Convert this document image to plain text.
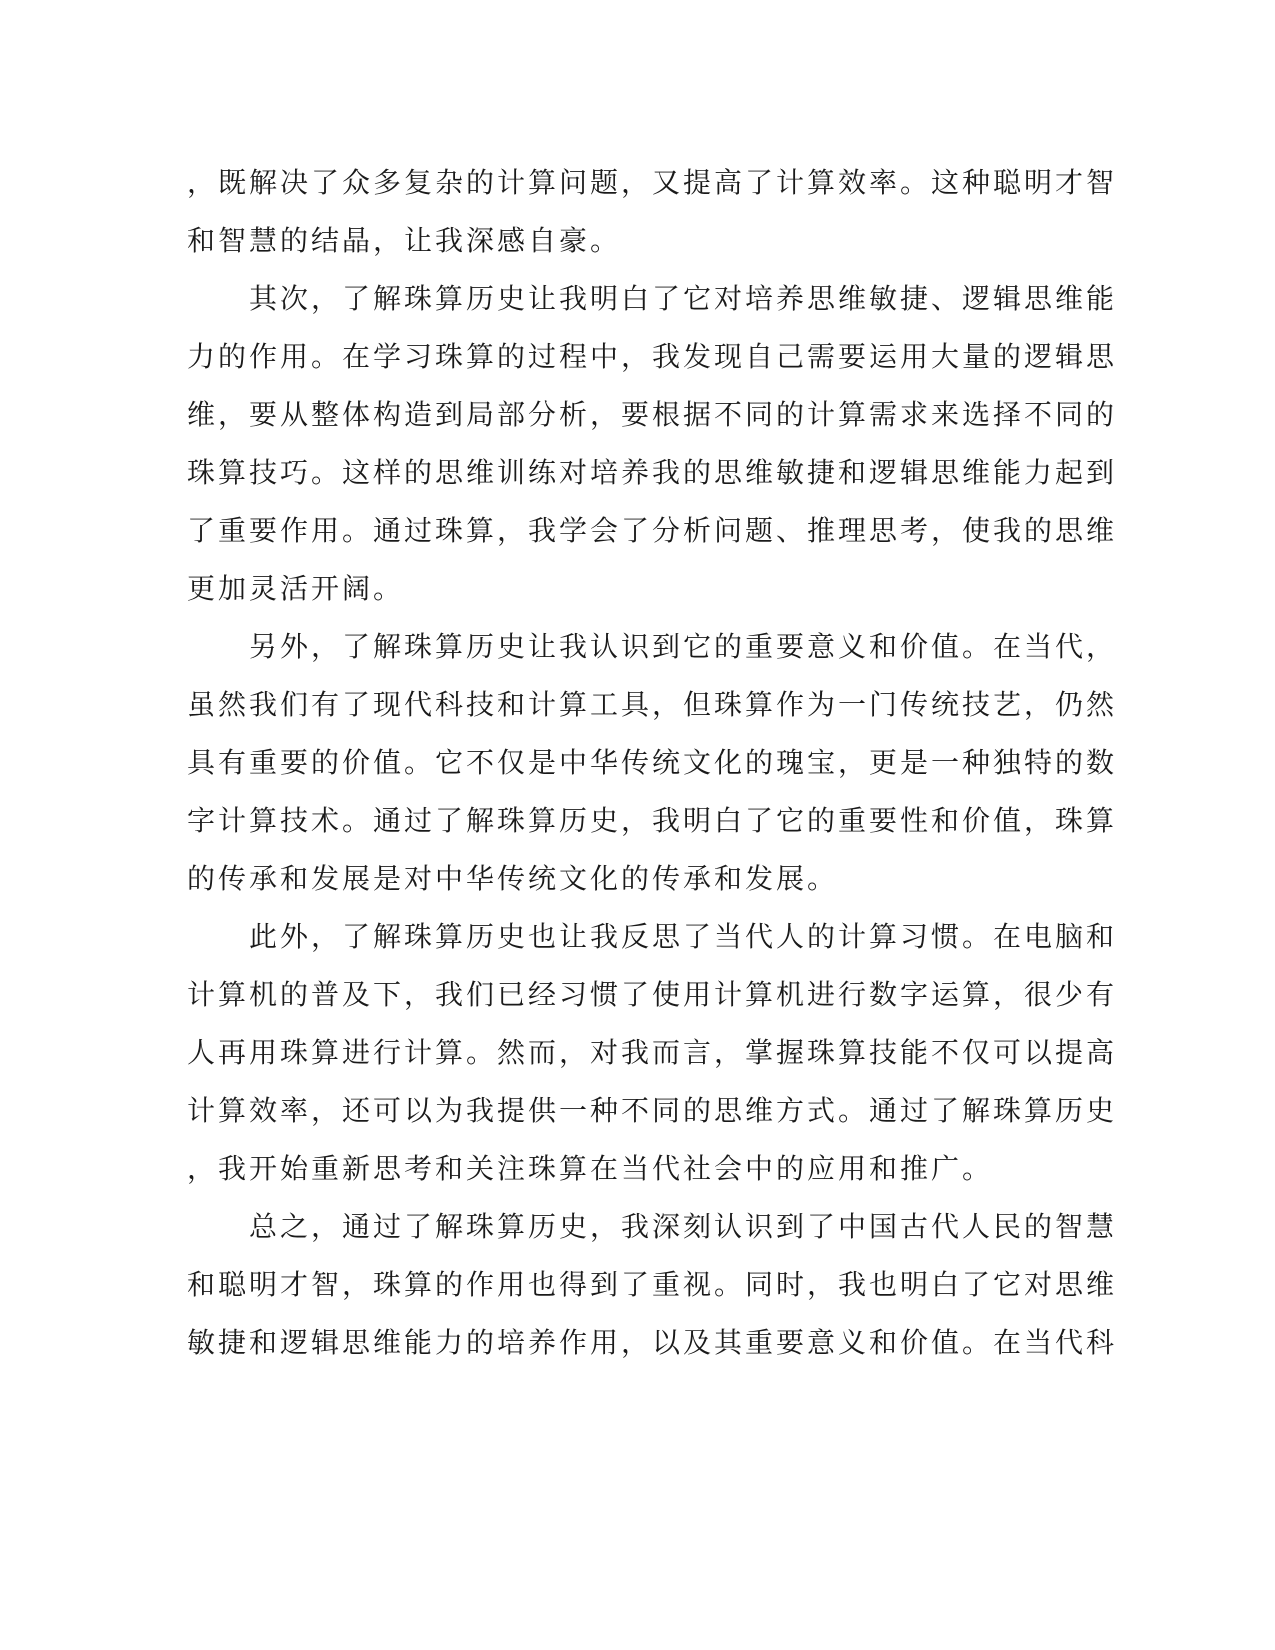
，既解决了众多复杂的计算问题，又提高了计算效率。这种聪明才智
和智慧的结晶，让我深感自豪。
　　其次，了解珠算历史让我明白了它对培养思维敏捷、逻辑思维能
力的作用。在学习珠算的过程中，我发现自己需要运用大量的逻辑思
维，要从整体构造到局部分析，要根据不同的计算需求来选择不同的
珠算技巧。这样的思维训练对培养我的思维敏捷和逻辑思维能力起到
了重要作用。通过珠算，我学会了分析问题、推理思考，使我的思维
更加灵活开阔。
　　另外，了解珠算历史让我认识到它的重要意义和价值。在当代，
虽然我们有了现代科技和计算工具，但珠算作为一门传统技艺，仍然
具有重要的价值。它不仅是中华传统文化的瑰宝，更是一种独特的数
字计算技术。通过了解珠算历史，我明白了它的重要性和价值，珠算
的传承和发展是对中华传统文化的传承和发展。
　　此外，了解珠算历史也让我反思了当代人的计算习惯。在电脑和
计算机的普及下，我们已经习惯了使用计算机进行数字运算，很少有
人再用珠算进行计算。然而，对我而言，掌握珠算技能不仅可以提高
计算效率，还可以为我提供一种不同的思维方式。通过了解珠算历史
，我开始重新思考和关注珠算在当代社会中的应用和推广。
　　总之，通过了解珠算历史，我深刻认识到了中国古代人民的智慧
和聪明才智，珠算的作用也得到了重视。同时，我也明白了它对思维
敏捷和逻辑思维能力的培养作用，以及其重要意义和价值。在当代科
